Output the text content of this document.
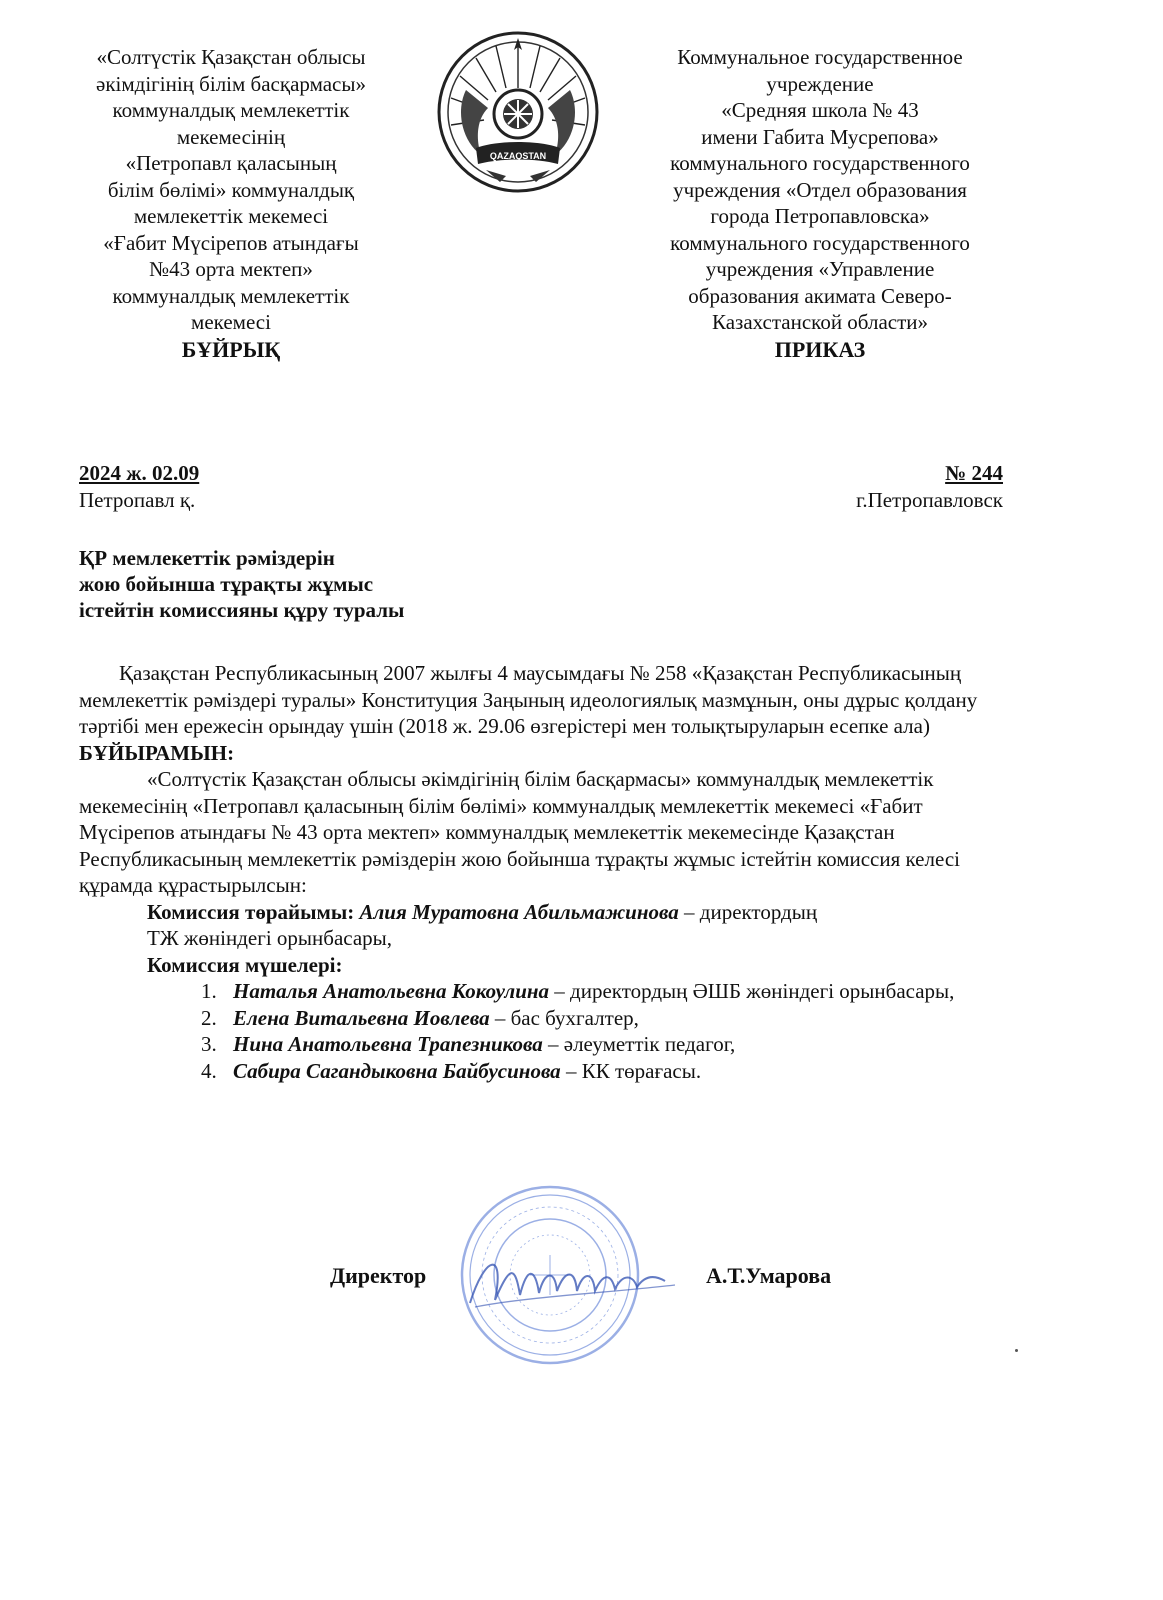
«Солтүстік Қазақстан облысы
әкімдігінің білім басқармасы»
коммуналдық мемлекеттік
мекемесінің
«Петропавл қаласының
білім бөлімі» коммуналдық
мемлекеттік мекемесі
«Ғабит Мүсірепов атындағы
№43 орта мектеп»
коммуналдық мемлекеттік
мекемесі
БҰЙРЫҚ
QAZAQSTAN
Коммунальное государственное
учреждение
«Средняя школа № 43
имени Габита Мусрепова»
коммунального государственного
учреждения «Отдел образования
города Петропавловска»
коммунального государственного
учреждения «Управление
образования акимата Северо-
Казахстанской области»
ПРИКАЗ
2024 ж. 02.09
Петропавл қ.
№ 244
г.Петропавловск
ҚР мемлекеттік рәміздерін
жою бойынша тұрақты жұмыс
істейтін комиссияны құру туралы

Қазақстан Республикасының 2007 жылғы 4 маусымдағы № 258 «Қазақстан Республикасының мемлекеттік рәміздері туралы» Конституция Заңының идеологиялық мазмұнын, оны дұрыс қолдану тәртібі мен ережесін орындау үшін (2018 ж. 29.06 өзгерістері мен толықтыруларын есепке ала) БҰЙЫРАМЫН:

«Солтүстік Қазақстан облысы әкімдігінің білім басқармасы» коммуналдық мемлекеттік мекемесінің «Петропавл қаласының білім бөлімі» коммуналдық мемлекеттік мекемесі «Ғабит Мүсірепов атындағы № 43 орта мектеп» коммуналдық мемлекеттік мекемесінде Қазақстан Республикасының мемлекеттік рәміздерін жою бойынша тұрақты жұмыс істейтін комиссия келесі құрамда құрастырылсын:

Комиссия төрайымы: Алия Муратовна Абильмажинова – директордың

ТЖ жөніндегі орынбасары,

Комиссия мүшелері:

1. Наталья Анатольевна Кокоулина – директордың ӘШБ жөніндегі орынбасары,
2. Елена Витальевна Иовлева – бас бухгалтер,
3. Нина Анатольевна Трапезникова – әлеуметтік педагог,
4. Сабира Сагандыковна Байбусинова – КК төрағасы.
Директор	А.Т.Умарова
